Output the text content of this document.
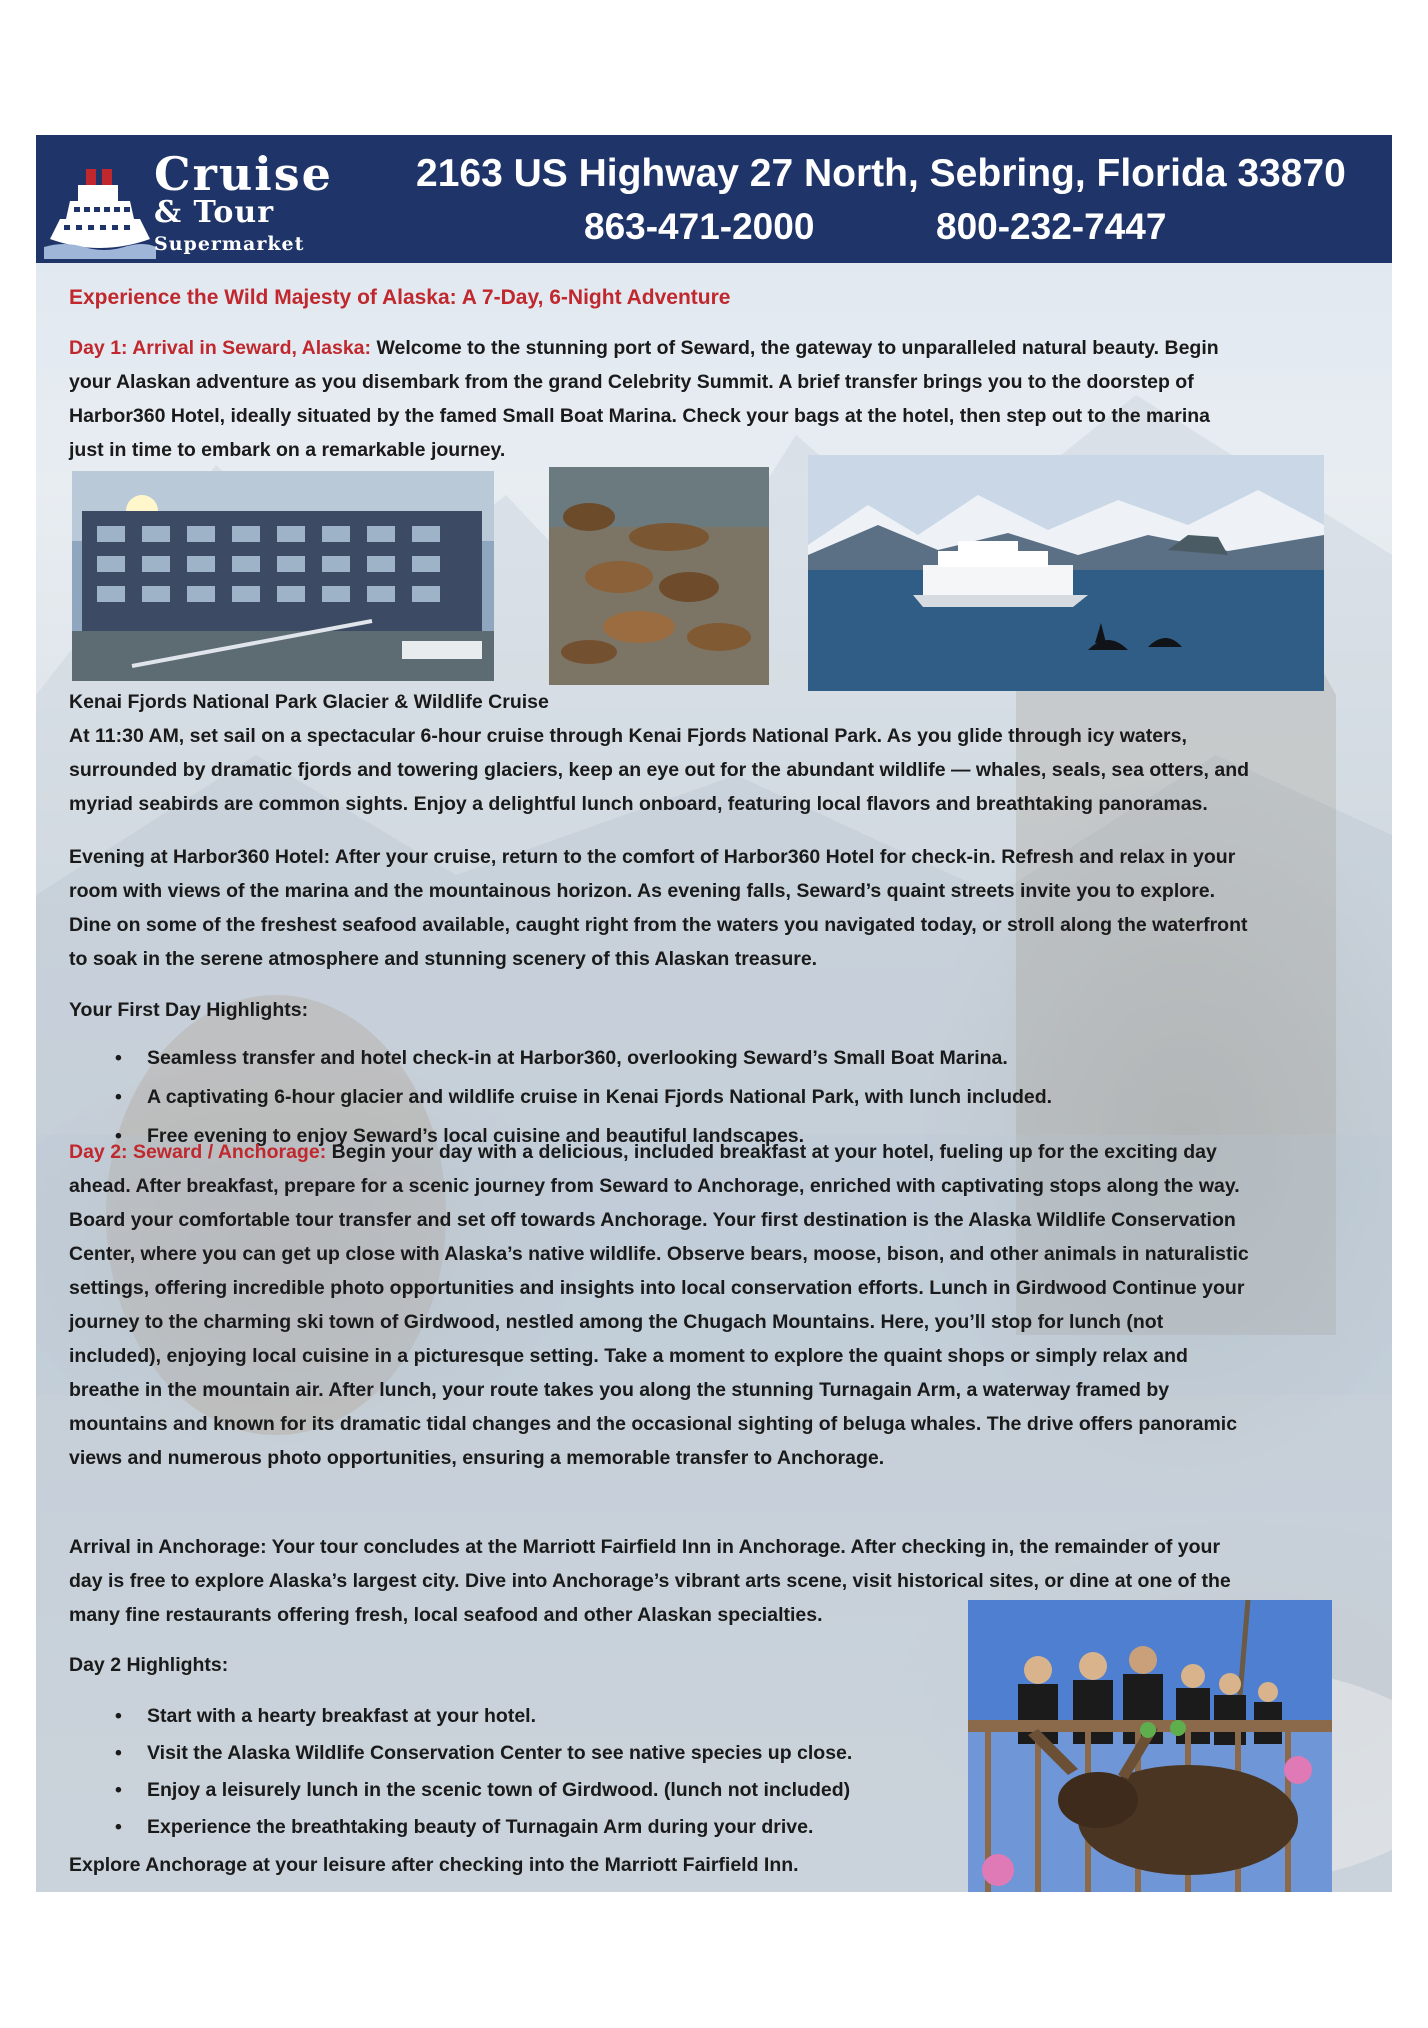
Cruise
& Tour
Supermarket
2163 US Highway 27 North, Sebring, Florida 33870
863-471-2000	800-232-7447
Experience the Wild Majesty of Alaska: A 7-Day, 6-Night Adventure
Day 1: Arrival in Seward, Alaska: Welcome to the stunning port of Seward, the gateway to unparalleled natural beauty. Begin
your Alaskan adventure as you disembark from the grand Celebrity Summit. A brief transfer brings you to the doorstep of
Harbor360 Hotel, ideally situated by the famed Small Boat Marina. Check your bags at the hotel, then step out to the marina
just in time to embark on a remarkable journey.
Kenai Fjords National Park Glacier & Wildlife Cruise
At 11:30 AM, set sail on a spectacular 6-hour cruise through Kenai Fjords National Park. As you glide through icy waters,
surrounded by dramatic fjords and towering glaciers, keep an eye out for the abundant wildlife — whales, seals, sea otters, and
myriad seabirds are common sights. Enjoy a delightful lunch onboard, featuring local flavors and breathtaking panoramas.
Evening at Harbor360 Hotel: After your cruise, return to the comfort of Harbor360 Hotel for check-in. Refresh and relax in your
room with views of the marina and the mountainous horizon. As evening falls, Seward’s quaint streets invite you to explore.
Dine on some of the freshest seafood available, caught right from the waters you navigated today, or stroll along the waterfront
to soak in the serene atmosphere and stunning scenery of this Alaskan treasure.
Your First Day Highlights:
• Seamless transfer and hotel check-in at Harbor360, overlooking Seward’s Small Boat Marina.
• A captivating 6-hour glacier and wildlife cruise in Kenai Fjords National Park, with lunch included.
• Free evening to enjoy Seward’s local cuisine and beautiful landscapes.
Day 2: Seward / Anchorage: Begin your day with a delicious, included breakfast at your hotel, fueling up for the exciting day
ahead. After breakfast, prepare for a scenic journey from Seward to Anchorage, enriched with captivating stops along the way.
Board your comfortable tour transfer and set off towards Anchorage. Your first destination is the Alaska Wildlife Conservation
Center, where you can get up close with Alaska’s native wildlife. Observe bears, moose, bison, and other animals in naturalistic
settings, offering incredible photo opportunities and insights into local conservation efforts. Lunch in Girdwood Continue your
journey to the charming ski town of Girdwood, nestled among the Chugach Mountains. Here, you’ll stop for lunch (not
included), enjoying local cuisine in a picturesque setting. Take a moment to explore the quaint shops or simply relax and
breathe in the mountain air. After lunch, your route takes you along the stunning Turnagain Arm, a waterway framed by
mountains and known for its dramatic tidal changes and the occasional sighting of beluga whales. The drive offers panoramic
views and numerous photo opportunities, ensuring a memorable transfer to Anchorage.
Arrival in Anchorage: Your tour concludes at the Marriott Fairfield Inn in Anchorage. After checking in, the remainder of your
day is free to explore Alaska’s largest city. Dive into Anchorage’s vibrant arts scene, visit historical sites, or dine at one of the
many fine restaurants offering fresh, local seafood and other Alaskan specialties.
Day 2 Highlights:
• Start with a hearty breakfast at your hotel.
• Visit the Alaska Wildlife Conservation Center to see native species up close.
• Enjoy a leisurely lunch in the scenic town of Girdwood. (lunch not included)
• Experience the breathtaking beauty of Turnagain Arm during your drive.
Explore Anchorage at your leisure after checking into the Marriott Fairfield Inn.
